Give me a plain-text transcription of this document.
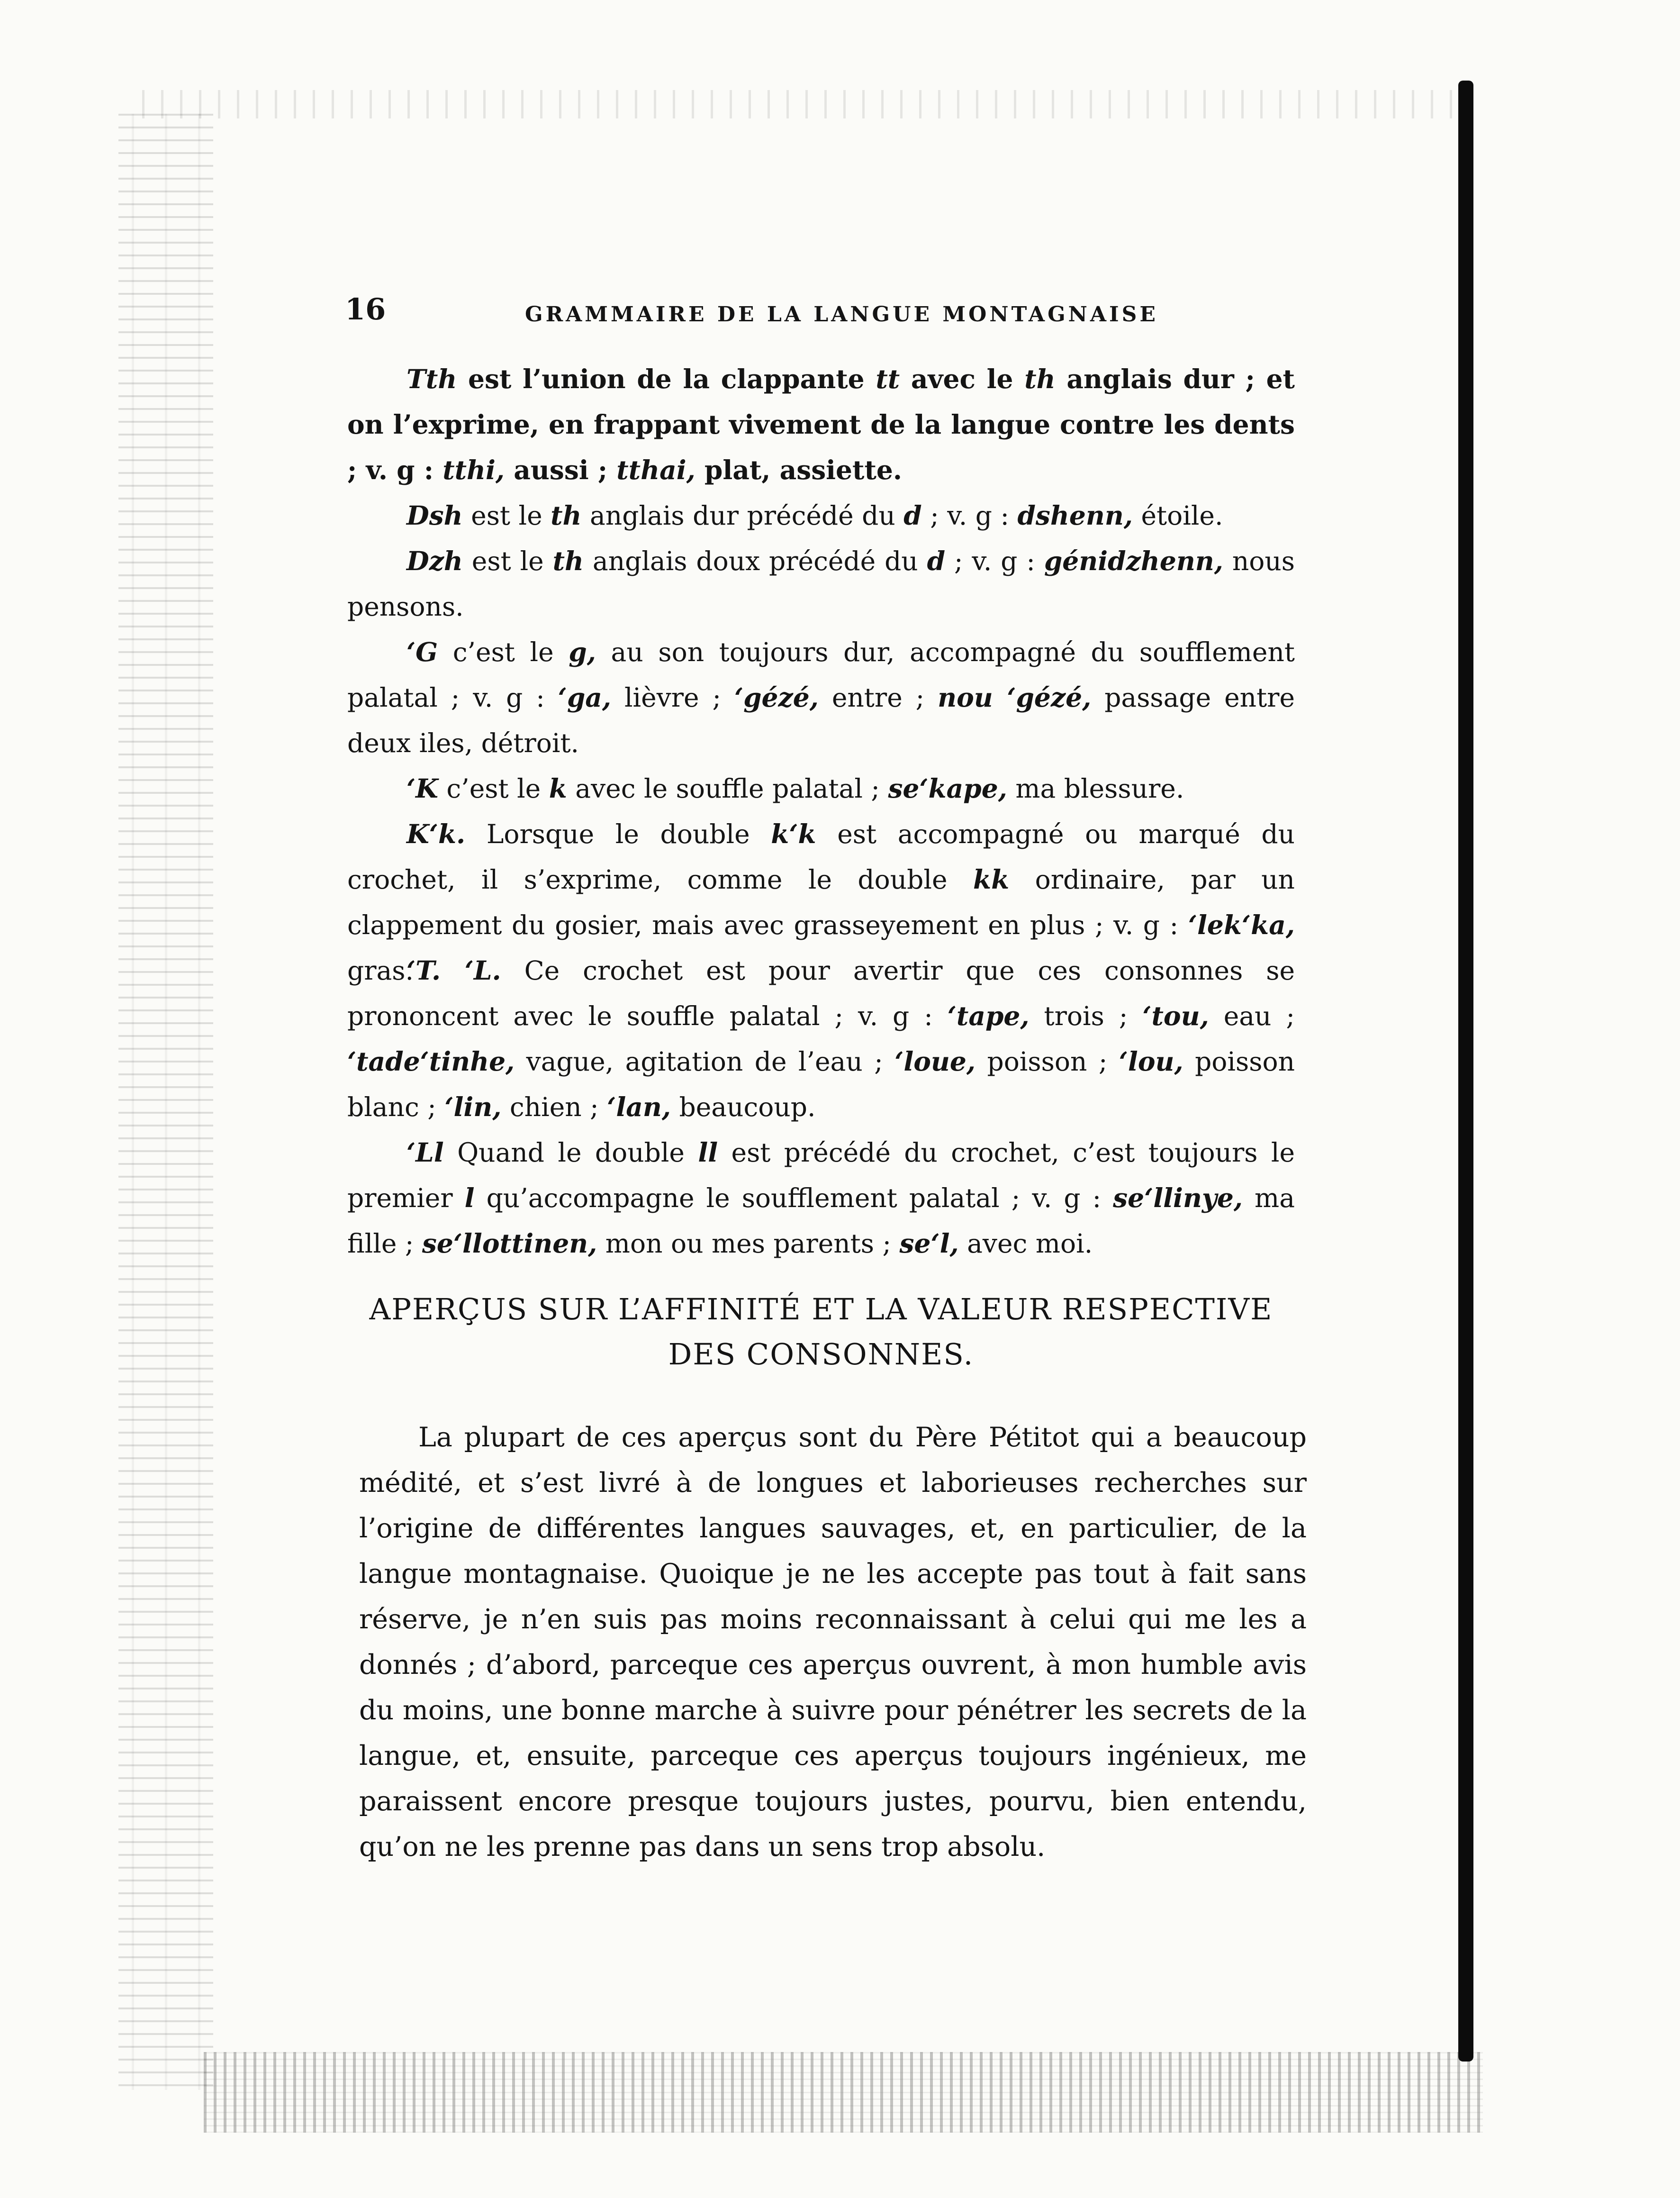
16	GRAMMAIRE DE LA LANGUE MONTAGNAISE

Tth est l’union de la clappante tt avec le th anglais dur ; et on l’exprime, en frappant vivement de la langue contre les dents ; v. g : tthi, aussi ; tthai, plat, assiette.

Dsh est le th anglais dur précédé du d ; v. g : dshenn, étoile.

Dzh est le th anglais doux précédé du d ; v. g : génidzhenn, nous pensons.

‘G c’est le g, au son toujours dur, accompagné du soufflement palatal ; v. g : ‘ga, lièvre ; ‘gézé, entre ; nou ‘gézé, passage entre deux iles, détroit.

‘K c’est le k avec le souffle palatal ; se‘kape, ma blessure.

K‘k. Lorsque le double k‘k est accompagné ou marqué du crochet, il s’exprime, comme le double kk ordinaire, par un clappement du gosier, mais avec grasseyement en plus ; v. g : ‘lek‘ka, gras.

‘T. ‘L. Ce crochet est pour avertir que ces consonnes se prononcent avec le souffle palatal ; v. g : ‘tape, trois ; ‘tou, eau ; ‘tade‘tinhe, vague, agitation de l’eau ; ‘loue, poisson ; ‘lou, poisson blanc ; ‘lin, chien ; ‘lan, beaucoup.

‘Ll Quand le double ll est précédé du crochet, c’est toujours le premier l qu’accompagne le soufflement palatal ; v. g : se‘llinye, ma fille ; se‘llottinen, mon ou mes parents ; se‘l, avec moi.

APERÇUS SUR L’AFFINITÉ ET LA VALEUR RESPECTIVE
DES CONSONNES.

La plupart de ces aperçus sont du Père Pétitot qui a beaucoup médité, et s’est livré à de longues et laborieuses recherches sur l’origine de différentes langues sauvages, et, en particulier, de la langue montagnaise. Quoique je ne les accepte pas tout à fait sans réserve, je n’en suis pas moins reconnaissant à celui qui me les a donnés ; d’abord, parceque ces aperçus ouvrent, à mon humble avis du moins, une bonne marche à suivre pour pénétrer les secrets de la langue, et, ensuite, parceque ces aperçus toujours ingénieux, me paraissent encore presque toujours justes, pourvu, bien entendu, qu’on ne les prenne pas dans un sens trop absolu.
